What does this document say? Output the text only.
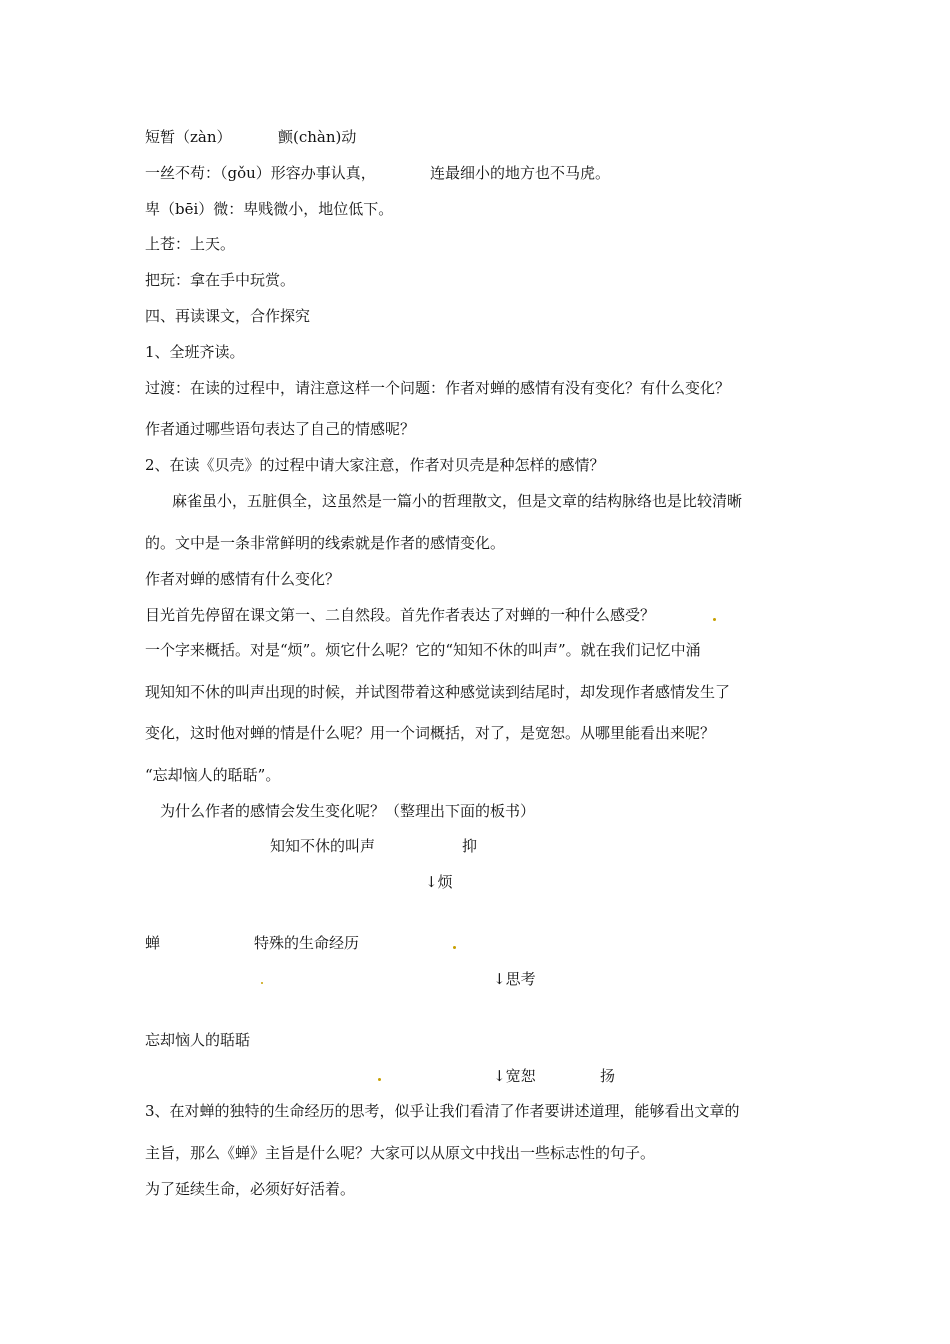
短暂（zàn）	颤(chàn)动
一丝不苟：（gǒu）形容办事认真，	连最细小的地方也不马虎。
卑（bēi）微：卑贱微小，地位低下。
上苍：上天。
把玩：拿在手中玩赏。
四、再读课文，合作探究
1、全班齐读。
过渡：在读的过程中，请注意这样一个问题：作者对蝉的感情有没有变化？有什么变化？
作者通过哪些语句表达了自己的情感呢？
2、在读《贝壳》的过程中请大家注意，作者对贝壳是种怎样的感情？
麻雀虽小，五脏俱全，这虽然是一篇小的哲理散文，但是文章的结构脉络也是比较清晰
的。文中是一条非常鲜明的线索就是作者的感情变化。
作者对蝉的感情有什么变化？
目光首先停留在课文第一、二自然段。首先作者表达了对蝉的一种什么感受？
一个字来概括。对是“烦”。烦它什么呢？它的“知知不休的叫声”。就在我们记忆中涌
现知知不休的叫声出现的时候，并试图带着这种感觉读到结尾时，却发现作者感情发生了
变化，这时他对蝉的情是什么呢？用一个词概括，对了，是宽恕。从哪里能看出来呢？
“忘却恼人的聒聒”。
为什么作者的感情会发生变化呢？（整理出下面的板书）
知知不休的叫声	抑
↓烦
蝉	特殊的生命经历
↓思考
忘却恼人的聒聒
↓宽恕	扬
3、在对蝉的独特的生命经历的思考，似乎让我们看清了作者要讲述道理，能够看出文章的
主旨，那么《蝉》主旨是什么呢？大家可以从原文中找出一些标志性的句子。
为了延续生命，必须好好活着。
